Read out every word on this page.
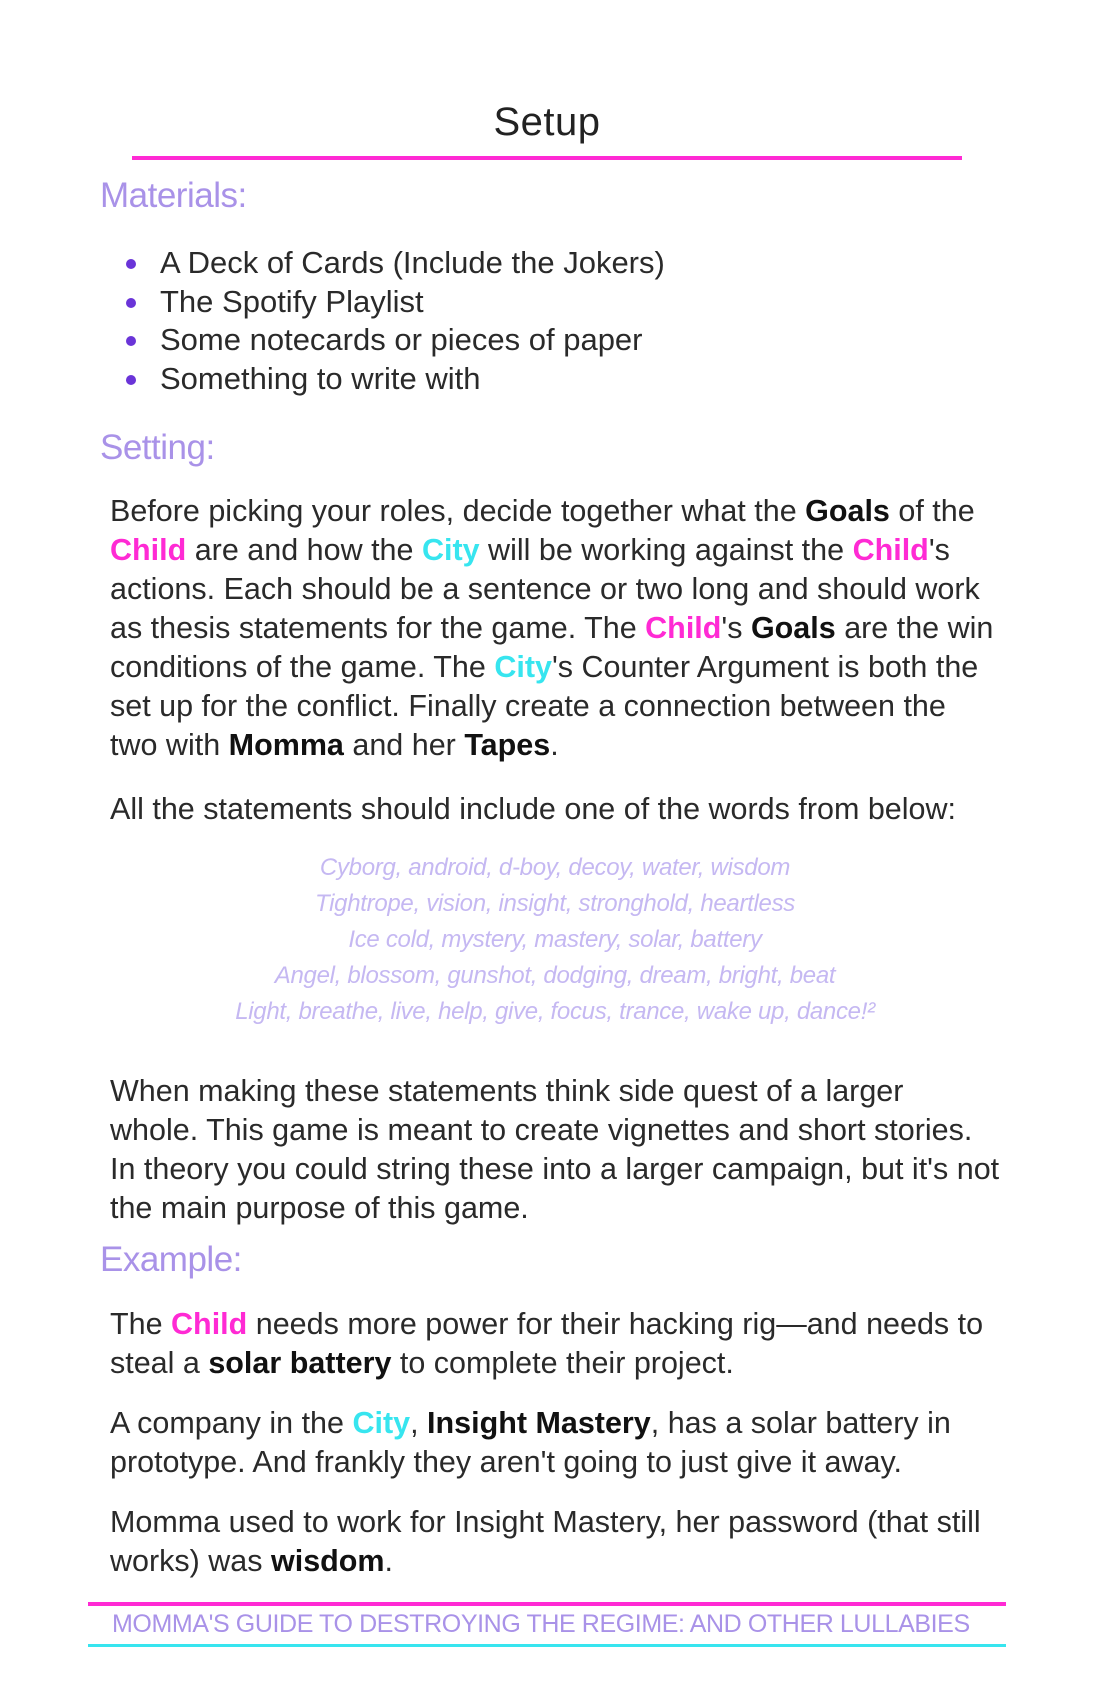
Setup
Materials:
A Deck of Cards (Include the Jokers)
The Spotify Playlist
Some notecards or pieces of paper
Something to write with
Setting:

Before picking your roles, decide together what the Goals of the Child are and how the City will be working against the Child's actions. Each should be a sentence or two long and should work as thesis statements for the game. The Child's Goals are the win conditions of the game. The City's Counter Argument is both the set up for the conflict. Finally create a connection between the two with Momma and her Tapes.

All the statements should include one of the words from below:

Cyborg, android, d-boy, decoy, water, wisdom
Tightrope, vision, insight, stronghold, heartless
Ice cold, mystery, mastery, solar, battery
Angel, blossom, gunshot, dodging, dream, bright, beat
Light, breathe, live, help, give, focus, trance, wake up, dance!²

When making these statements think side quest of a larger whole. This game is meant to create vignettes and short stories. In theory you could string these into a larger campaign, but it's not the main purpose of this game.

Example:

The Child needs more power for their hacking rig—and needs to steal a solar battery to complete their project.

A company in the City, Insight Mastery, has a solar battery in prototype. And frankly they aren't going to just give it away.

Momma used to work for Insight Mastery, her password (that still works) was wisdom.

MOMMA'S GUIDE TO DESTROYING THE REGIME: AND OTHER LULLABIES
